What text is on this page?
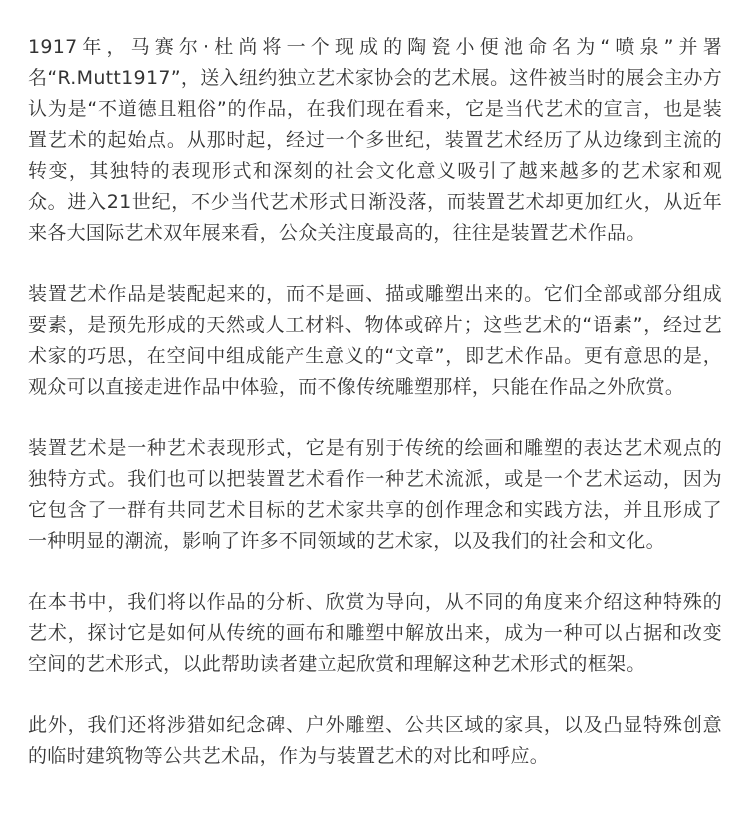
1917年，马赛尔·杜尚将一个现成的陶瓷小便池命名为“喷泉”并署名“R.Mutt1917”，送入纽约独立艺术家协会的艺术展。这件被当时的展会主办方认为是“不道德且粗俗”的作品，在我们现在看来，它是当代艺术的宣言，也是装置艺术的起始点。从那时起，经过一个多世纪，装置艺术经历了从边缘到主流的转变，其独特的表现形式和深刻的社会文化意义吸引了越来越多的艺术家和观众。进入21世纪，不少当代艺术形式日渐没落，而装置艺术却更加红火，从近年来各大国际艺术双年展来看，公众关注度最高的，往往是装置艺术作品。

装置艺术作品是装配起来的，而不是画、描或雕塑出来的。它们全部或部分组成要素，是预先形成的天然或人工材料、物体或碎片；这些艺术的“语素”，经过艺术家的巧思，在空间中组成能产生意义的“文章”，即艺术作品。更有意思的是，观众可以直接走进作品中体验，而不像传统雕塑那样，只能在作品之外欣赏。

装置艺术是一种艺术表现形式，它是有别于传统的绘画和雕塑的表达艺术观点的独特方式。我们也可以把装置艺术看作一种艺术流派，或是一个艺术运动，因为它包含了一群有共同艺术目标的艺术家共享的创作理念和实践方法，并且形成了一种明显的潮流，影响了许多不同领域的艺术家，以及我们的社会和文化。

在本书中，我们将以作品的分析、欣赏为导向，从不同的角度来介绍这种特殊的艺术，探讨它是如何从传统的画布和雕塑中解放出来，成为一种可以占据和改变空间的艺术形式，以此帮助读者建立起欣赏和理解这种艺术形式的框架。

此外，我们还将涉猎如纪念碑、户外雕塑、公共区域的家具，以及凸显特殊创意的临时建筑物等公共艺术品，作为与装置艺术的对比和呼应。
